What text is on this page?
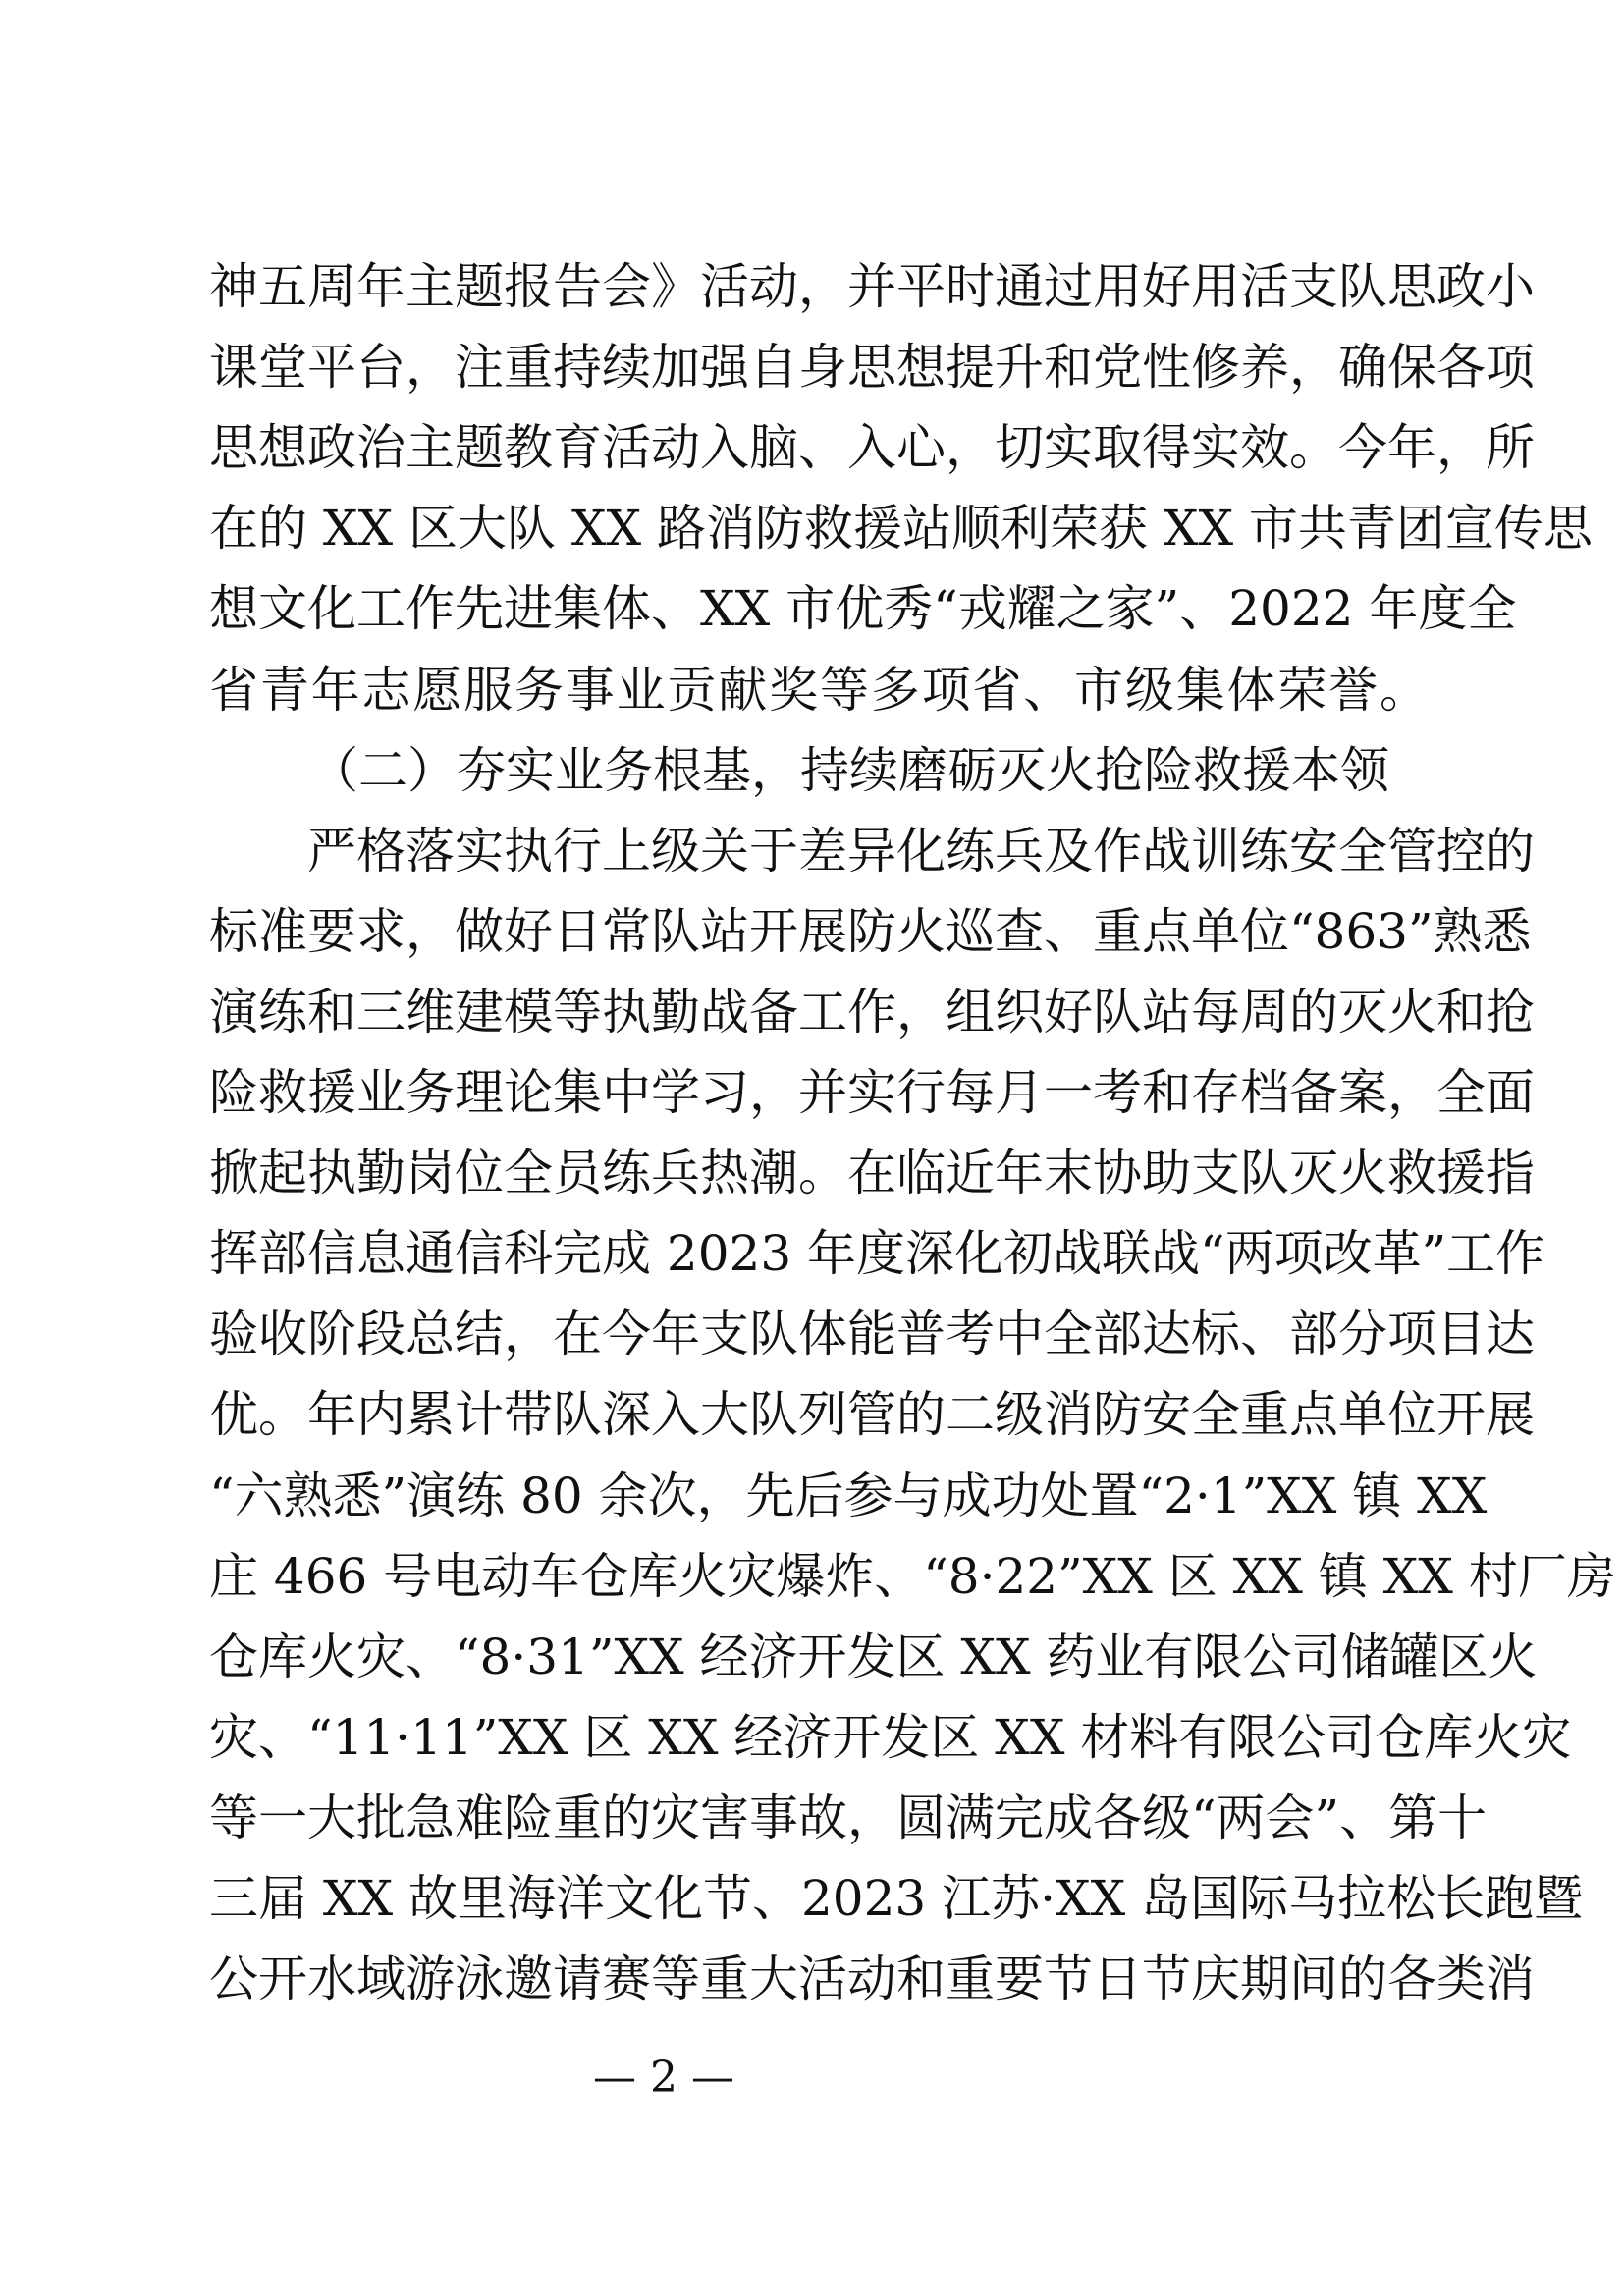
神五周年主题报告会》活动，并平时通过用好用活支队思政小
课堂平台，注重持续加强自身思想提升和党性修养，确保各项
思想政治主题教育活动入脑、入心，切实取得实效。今年，所
在的 XX 区大队 XX 路消防救援站顺利荣获 XX 市共青团宣传思
想文化工作先进集体、XX 市优秀“戎耀之家”、2022 年度全
省青年志愿服务事业贡献奖等多项省、市级集体荣誉。
（二）夯实业务根基，持续磨砺灭火抢险救援本领
　　严格落实执行上级关于差异化练兵及作战训练安全管控的
标准要求，做好日常队站开展防火巡查、重点单位“863”熟悉
演练和三维建模等执勤战备工作，组织好队站每周的灭火和抢
险救援业务理论集中学习，并实行每月一考和存档备案，全面
掀起执勤岗位全员练兵热潮。在临近年末协助支队灭火救援指
挥部信息通信科完成 2023 年度深化初战联战“两项改革”工作
验收阶段总结，在今年支队体能普考中全部达标、部分项目达
优。年内累计带队深入大队列管的二级消防安全重点单位开展
“六熟悉”演练 80 余次，先后参与成功处置“2·1”XX 镇 XX
庄 466 号电动车仓库火灾爆炸、“8·22”XX 区 XX 镇 XX 村厂房
仓库火灾、“8·31”XX 经济开发区 XX 药业有限公司储罐区火
灾、“11·11”XX 区 XX 经济开发区 XX 材料有限公司仓库火灾
等一大批急难险重的灾害事故，圆满完成各级“两会”、第十
三届 XX 故里海洋文化节、2023 江苏·XX 岛国际马拉松长跑暨
公开水域游泳邀请赛等重大活动和重要节日节庆期间的各类消
— 2 —
